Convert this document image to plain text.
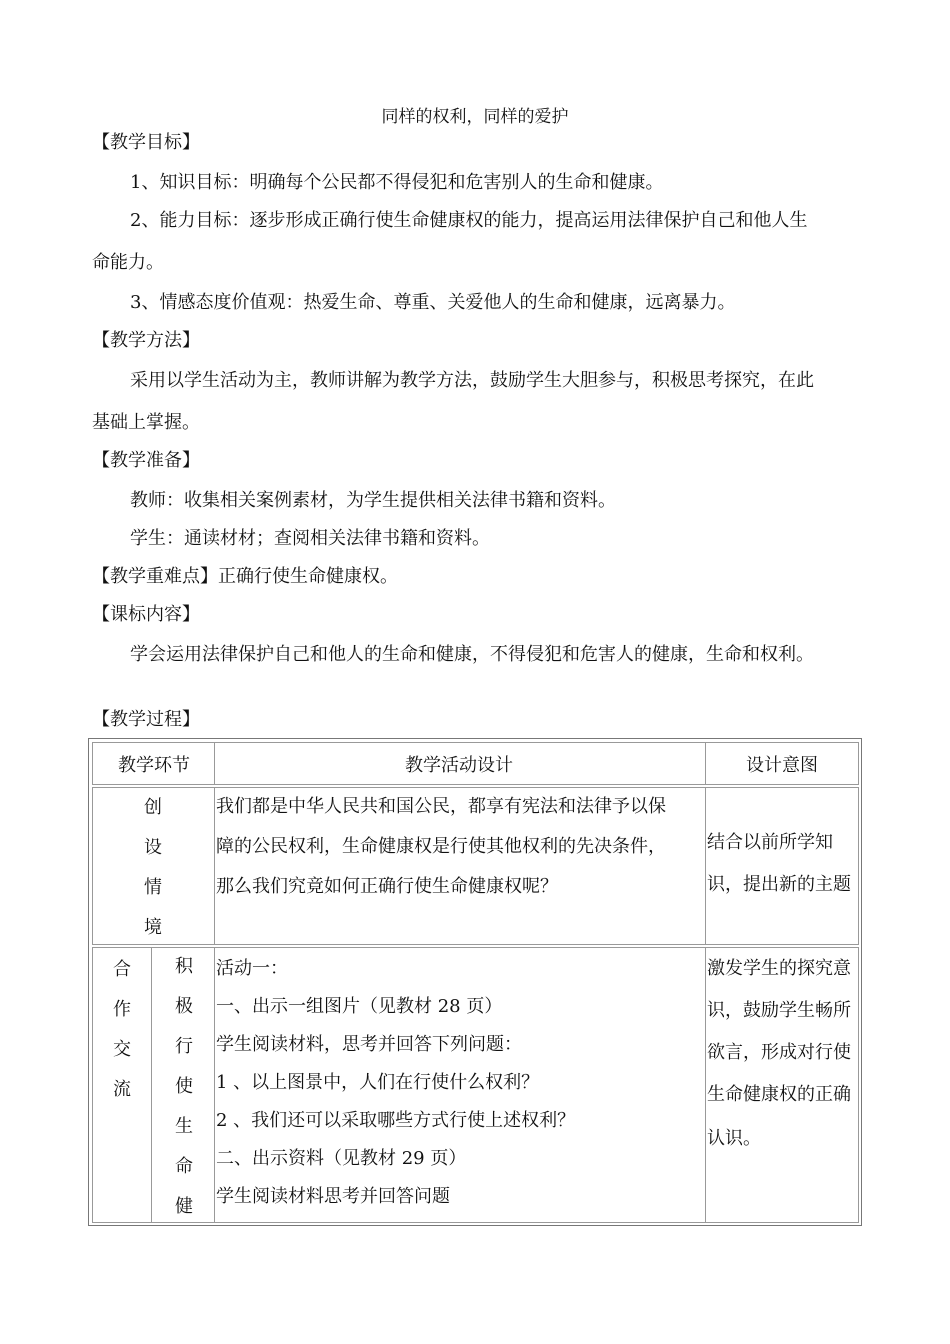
同样的权利，同样的爱护
【教学目标】
1、知识目标：明确每个公民都不得侵犯和危害别人的生命和健康。
2、能力目标：逐步形成正确行使生命健康权的能力，提高运用法律保护自己和他人生
命能力。
3、情感态度价值观：热爱生命、尊重、关爱他人的生命和健康，远离暴力。
【教学方法】
采用以学生活动为主，教师讲解为教学方法，鼓励学生大胆参与，积极思考探究，在此
基础上掌握。
【教学准备】
教师：收集相关案例素材，为学生提供相关法律书籍和资料。
学生：通读材材；查阅相关法律书籍和资料。
【教学重难点】正确行使生命健康权。
【课标内容】
学会运用法律保护自己和他人的生命和健康，不得侵犯和危害人的健康，生命和权利。
【教学过程】
教学环节	教学活动设计	设计意图
创
设
情
境
我们都是中华人民共和国公民，都享有宪法和法律予以保
障的公民权利，生命健康权是行使其他权利的先决条件，
那么我们究竟如何正确行使生命健康权呢？
结合以前所学知
识，提出新的主题
合
作
交
流
积
极
行
使
生
命
健
活动一：
一、出示一组图片（见教材 28 页）
学生阅读材料，思考并回答下列问题：
1 、以上图景中，人们在行使什么权利？
2 、我们还可以采取哪些方式行使上述权利？
二、出示资料（见教材 29 页）
学生阅读材料思考并回答问题
激发学生的探究意
识，鼓励学生畅所
欲言，形成对行使
生命健康权的正确
认识。
